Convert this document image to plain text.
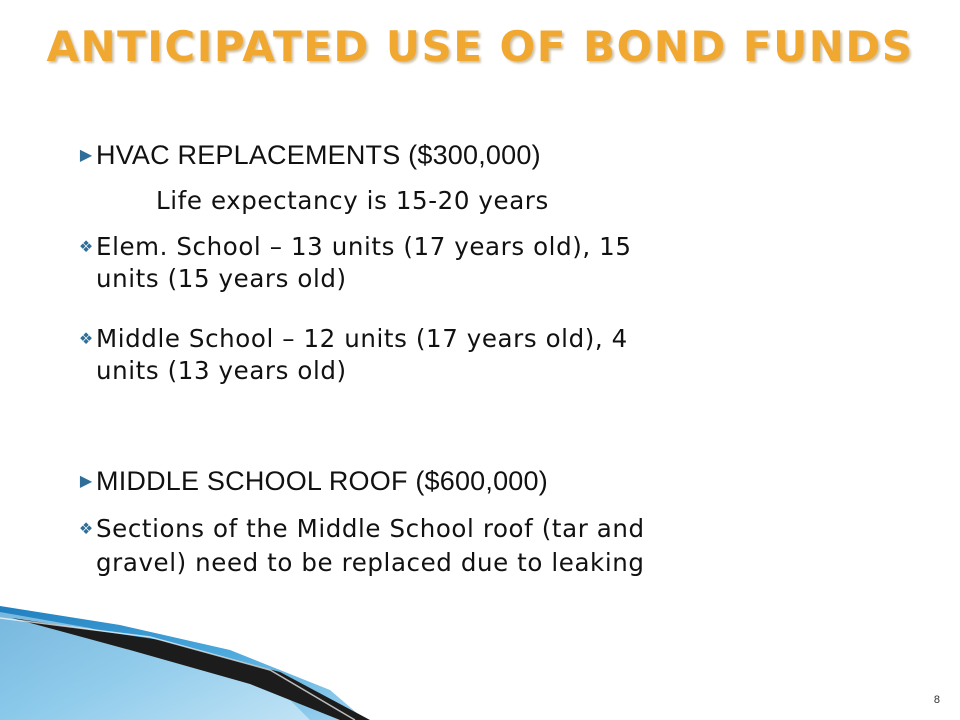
ANTICIPATED USE OF BOND FUNDS
▶ HVAC REPLACEMENTS ($300,000)
Life expectancy is 15-20 years
❖ Elem. School – 13 units (17 years old), 15
units (15 years old)
❖ Middle School – 12 units (17 years old), 4
units (13 years old)
▶ MIDDLE SCHOOL ROOF ($600,000)
❖ Sections of the Middle School roof (tar and
gravel) need to be replaced due to leaking
8
